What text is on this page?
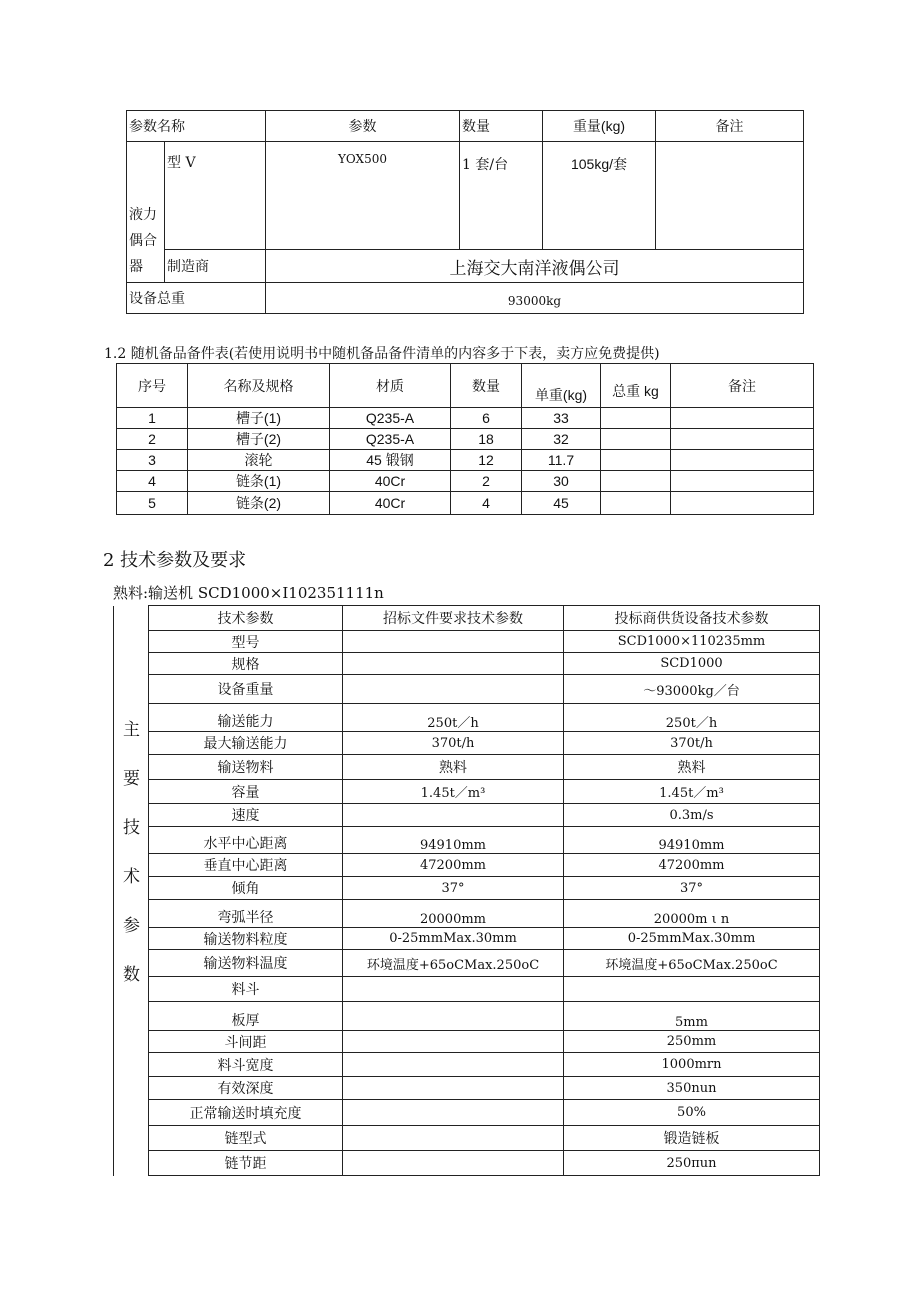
参数名称		参数	数量	重量(kg)	备注
液力偶合器	型 V	YOX500	1 套/台	105kg/套	
	制造商	上海交大南洋液偶公司			
设备总重		93000kg			
1.2 随机备品备件表(若使用说明书中随机备品备件清单的内容多于下表，卖方应免费提供)
序号	名称及规格	材质	数量	单重(kg)	总重 kg	备注
1	槽子(1)	Q235-A	6	33		
2	槽子(2)	Q235-A	18	32		
3	滚轮	45 锻钢	12	11.7		
4	链条(1)	40Cr	2	30		
5	链条(2)	40Cr	4	45		
2 技术参数及要求
熟料:输送机 SCD1000×I102351111n
主要技术参数	技术参数	招标文件要求技术参数	投标商供货设备技术参数
	型号		SCD1000×110235mm
	规格		SCD1000
	设备重量		～93000kg／台
	输送能力	250t／h	250t／h
	最大输送能力	370t/h	370t/h
	输送物料	熟料	熟料
	容量	1.45t／m³	1.45t／m³
	速度		0.3m/s
	水平中心距离	94910mm	94910mm
	垂直中心距离	47200mm	47200mm
	倾角	37°	37°
	弯弧半径	20000mm	20000m ι n
	输送物料粒度	0-25mmMax.30mm	0-25mmMax.30mm
	输送物料温度	环境温度+65oCMax.250oC	环境温度+65oCMax.250oC
	料斗		
	板厚		5mm
	斗间距		250mm
	料斗宽度		1000mrn
	有效深度		350nun
	正常输送时填充度		50%
	链型式		锻造链板
	链节距		250πun
